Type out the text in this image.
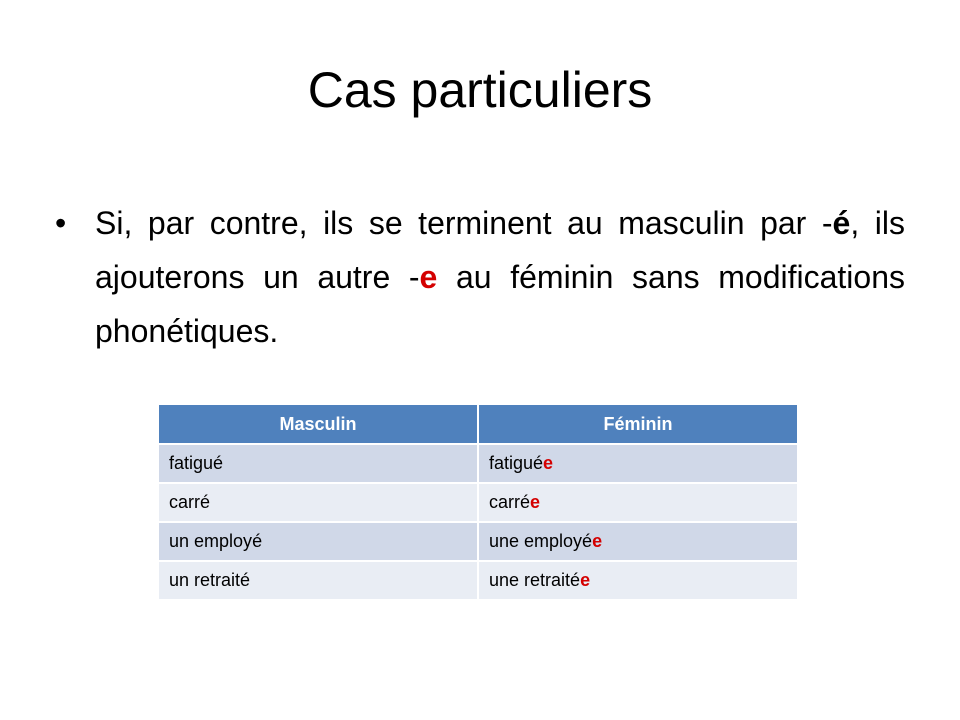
Cas particuliers
• Si, par contre, ils se terminent au masculin par -é, ils ajouterons un autre -e au féminin sans modifications phonétiques.
Masculin	Féminin
fatigué	fatiguée
carré	carrée
un employé	une employée
un retraité	une retraitée
